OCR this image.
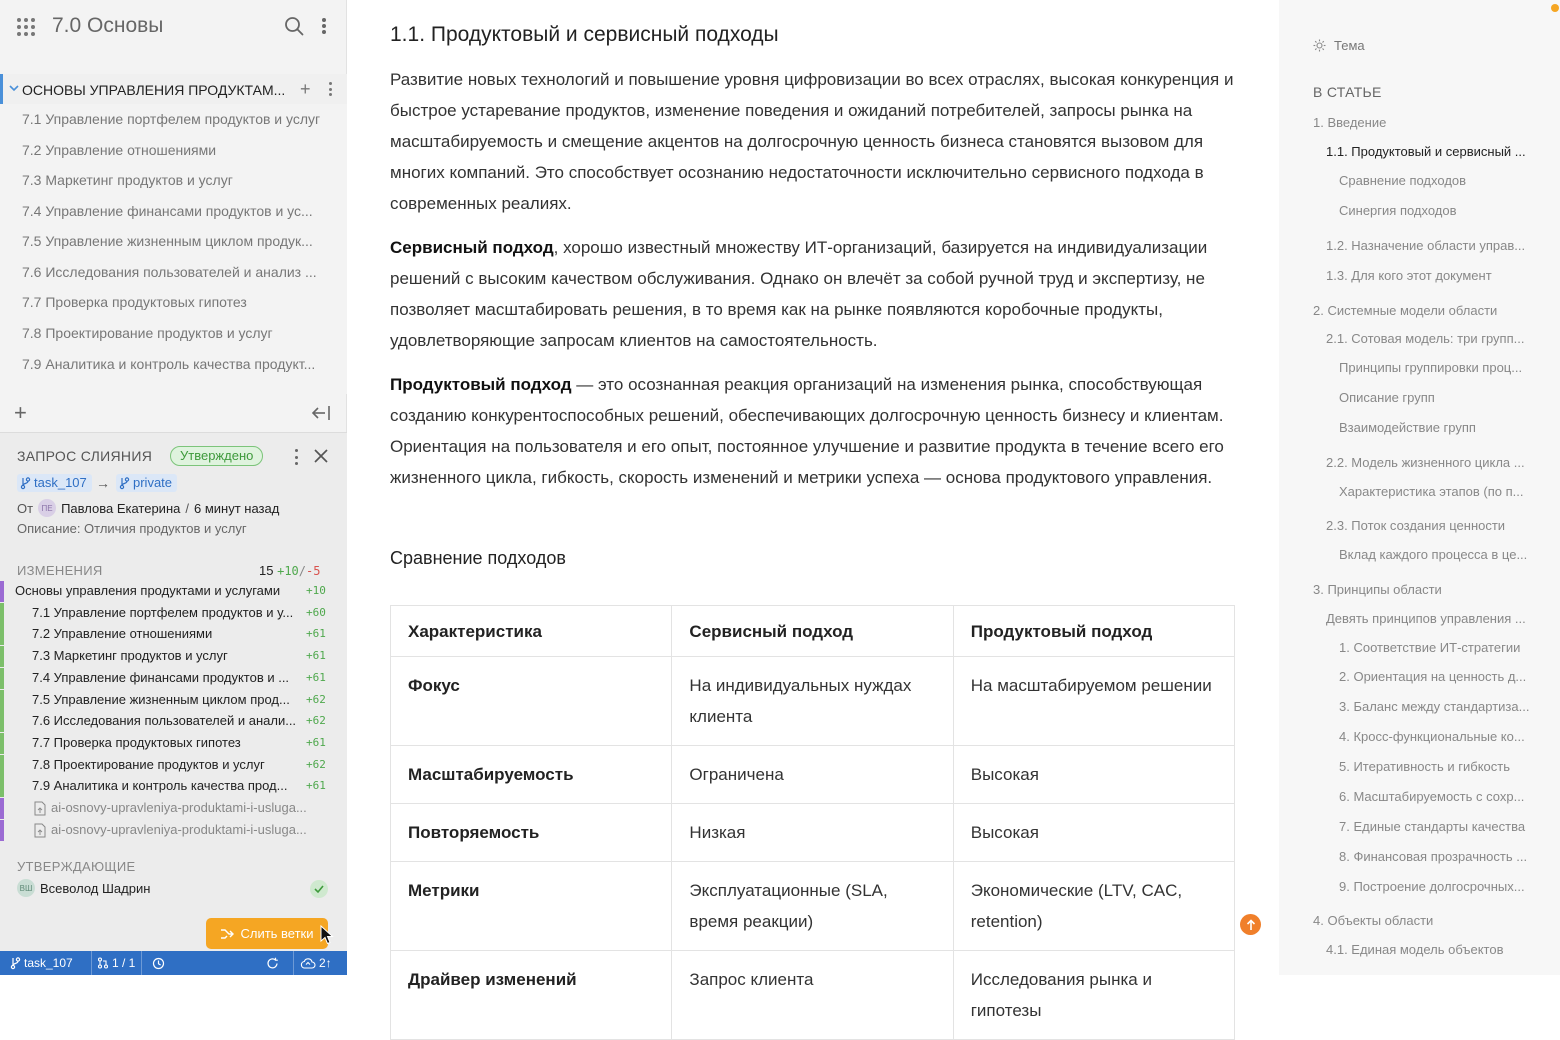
7.0 Основы
ОСНОВЫ УПРАВЛЕНИЯ ПРОДУКТАМ... +
7.1 Управление портфелем продуктов и услуг
7.2 Управление отношениями
7.3 Маркетинг продуктов и услуг
7.4 Управление финансами продуктов и ус...
7.5 Управление жизненным циклом продук...
7.6 Исследования пользователей и анализ ...
7.7 Проверка продуктовых гипотез
7.8 Проектирование продуктов и услуг
7.9 Аналитика и контроль качества продукт...
+
ЗАПРОС СЛИЯНИЯ	Утверждено
task_107 → private
От	ПЕ Павлова Екатерина / 6 минут назад
Описание: Отличия продуктов и услуг
ИЗМЕНЕНИЯ	15 +10/-5
Основы управления продуктами и услугами	+10
7.1 Управление портфелем продуктов и у...	+60
7.2 Управление отношениями	+61
7.3 Маркетинг продуктов и услуг	+61
7.4 Управление финансами продуктов и ...	+61
7.5 Управление жизненным циклом прод...	+62
7.6 Исследования пользователей и анали... +62
7.7 Проверка продуктовых гипотез	+61
7.8 Проектирование продуктов и услуг	+62
7.9 Аналитика и контроль качества прод...	+61
ai-osnovy-upravleniya-produktami-i-usluga...
ai-osnovy-upravleniya-produktami-i-usluga...
УТВЕРЖДАЮЩИЕ
ВШ Всеволод Шадрин
Слить ветки
task_107	1 / 1	2↑
1.1. Продуктовый и сервисный подходы

Развитие новых технологий и повышение уровня цифровизации во всех отраслях, высокая конкуренция и быстрое устаревание продуктов, изменение поведения и ожиданий потребителей, запросы рынка на масштабируемость и смещение акцентов на долгосрочную ценность бизнеса становятся вызовом для многих компаний. Это способствует осознанию недостаточности исключительно сервисного подхода в современных реалиях.

Сервисный подход, хорошо известный множеству ИТ-организаций, базируется на индивидуализации решений с высоким качеством обслуживания. Однако он влечёт за собой ручной труд и экспертизу, не позволяет масштабировать решения, в то время как на рынке появляются коробочные продукты, удовлетворяющие запросам клиентов на самостоятельность.

Продуктовый подход — это осознанная реакция организаций на изменения рынка, способствующая созданию конкурентоспособных решений, обеспечивающих долгосрочную ценность бизнесу и клиентам. Ориентация на пользователя и его опыт, постоянное улучшение и развитие продукта в течение всего его жизненного цикла, гибкость, скорость изменений и метрики успеха — основа продуктового управления.

Сравнение подходов
Характеристика	Сервисный подход	Продуктовый подход
Фокус	На индивидуальных нуждах клиента	На масштабируемом решении
Масштабируемость	Ограничена	Высокая
Повторяемость	Низкая	Высокая
Метрики	Эксплуатационные (SLA, время реакции)	Экономические (LTV, CAC, retention)
Драйвер изменений	Запрос клиента	Исследования рынка и гипотезы
Тема
В СТАТЬЕ
1. Введение
1.1. Продуктовый и сервисный ...
Сравнение подходов
Синергия подходов
1.2. Назначение области управ...
1.3. Для кого этот документ
2. Системные модели области
2.1. Сотовая модель: три групп...
Принципы группировки проц...
Описание групп
Взаимодействие групп
2.2. Модель жизненного цикла ...
Характеристика этапов (по п...
2.3. Поток создания ценности
Вклад каждого процесса в це...
3. Принципы области
Девять принципов управления ...
1. Соответствие ИТ-стратегии
2. Ориентация на ценность д...
3. Баланс между стандартиза...
4. Кросс-функциональные ко...
5. Итеративность и гибкость
6. Масштабируемость с сохр...
7. Единые стандарты качества
8. Финансовая прозрачность ...
9. Построение долгосрочных...
4. Объекты области
4.1. Единая модель объектов
